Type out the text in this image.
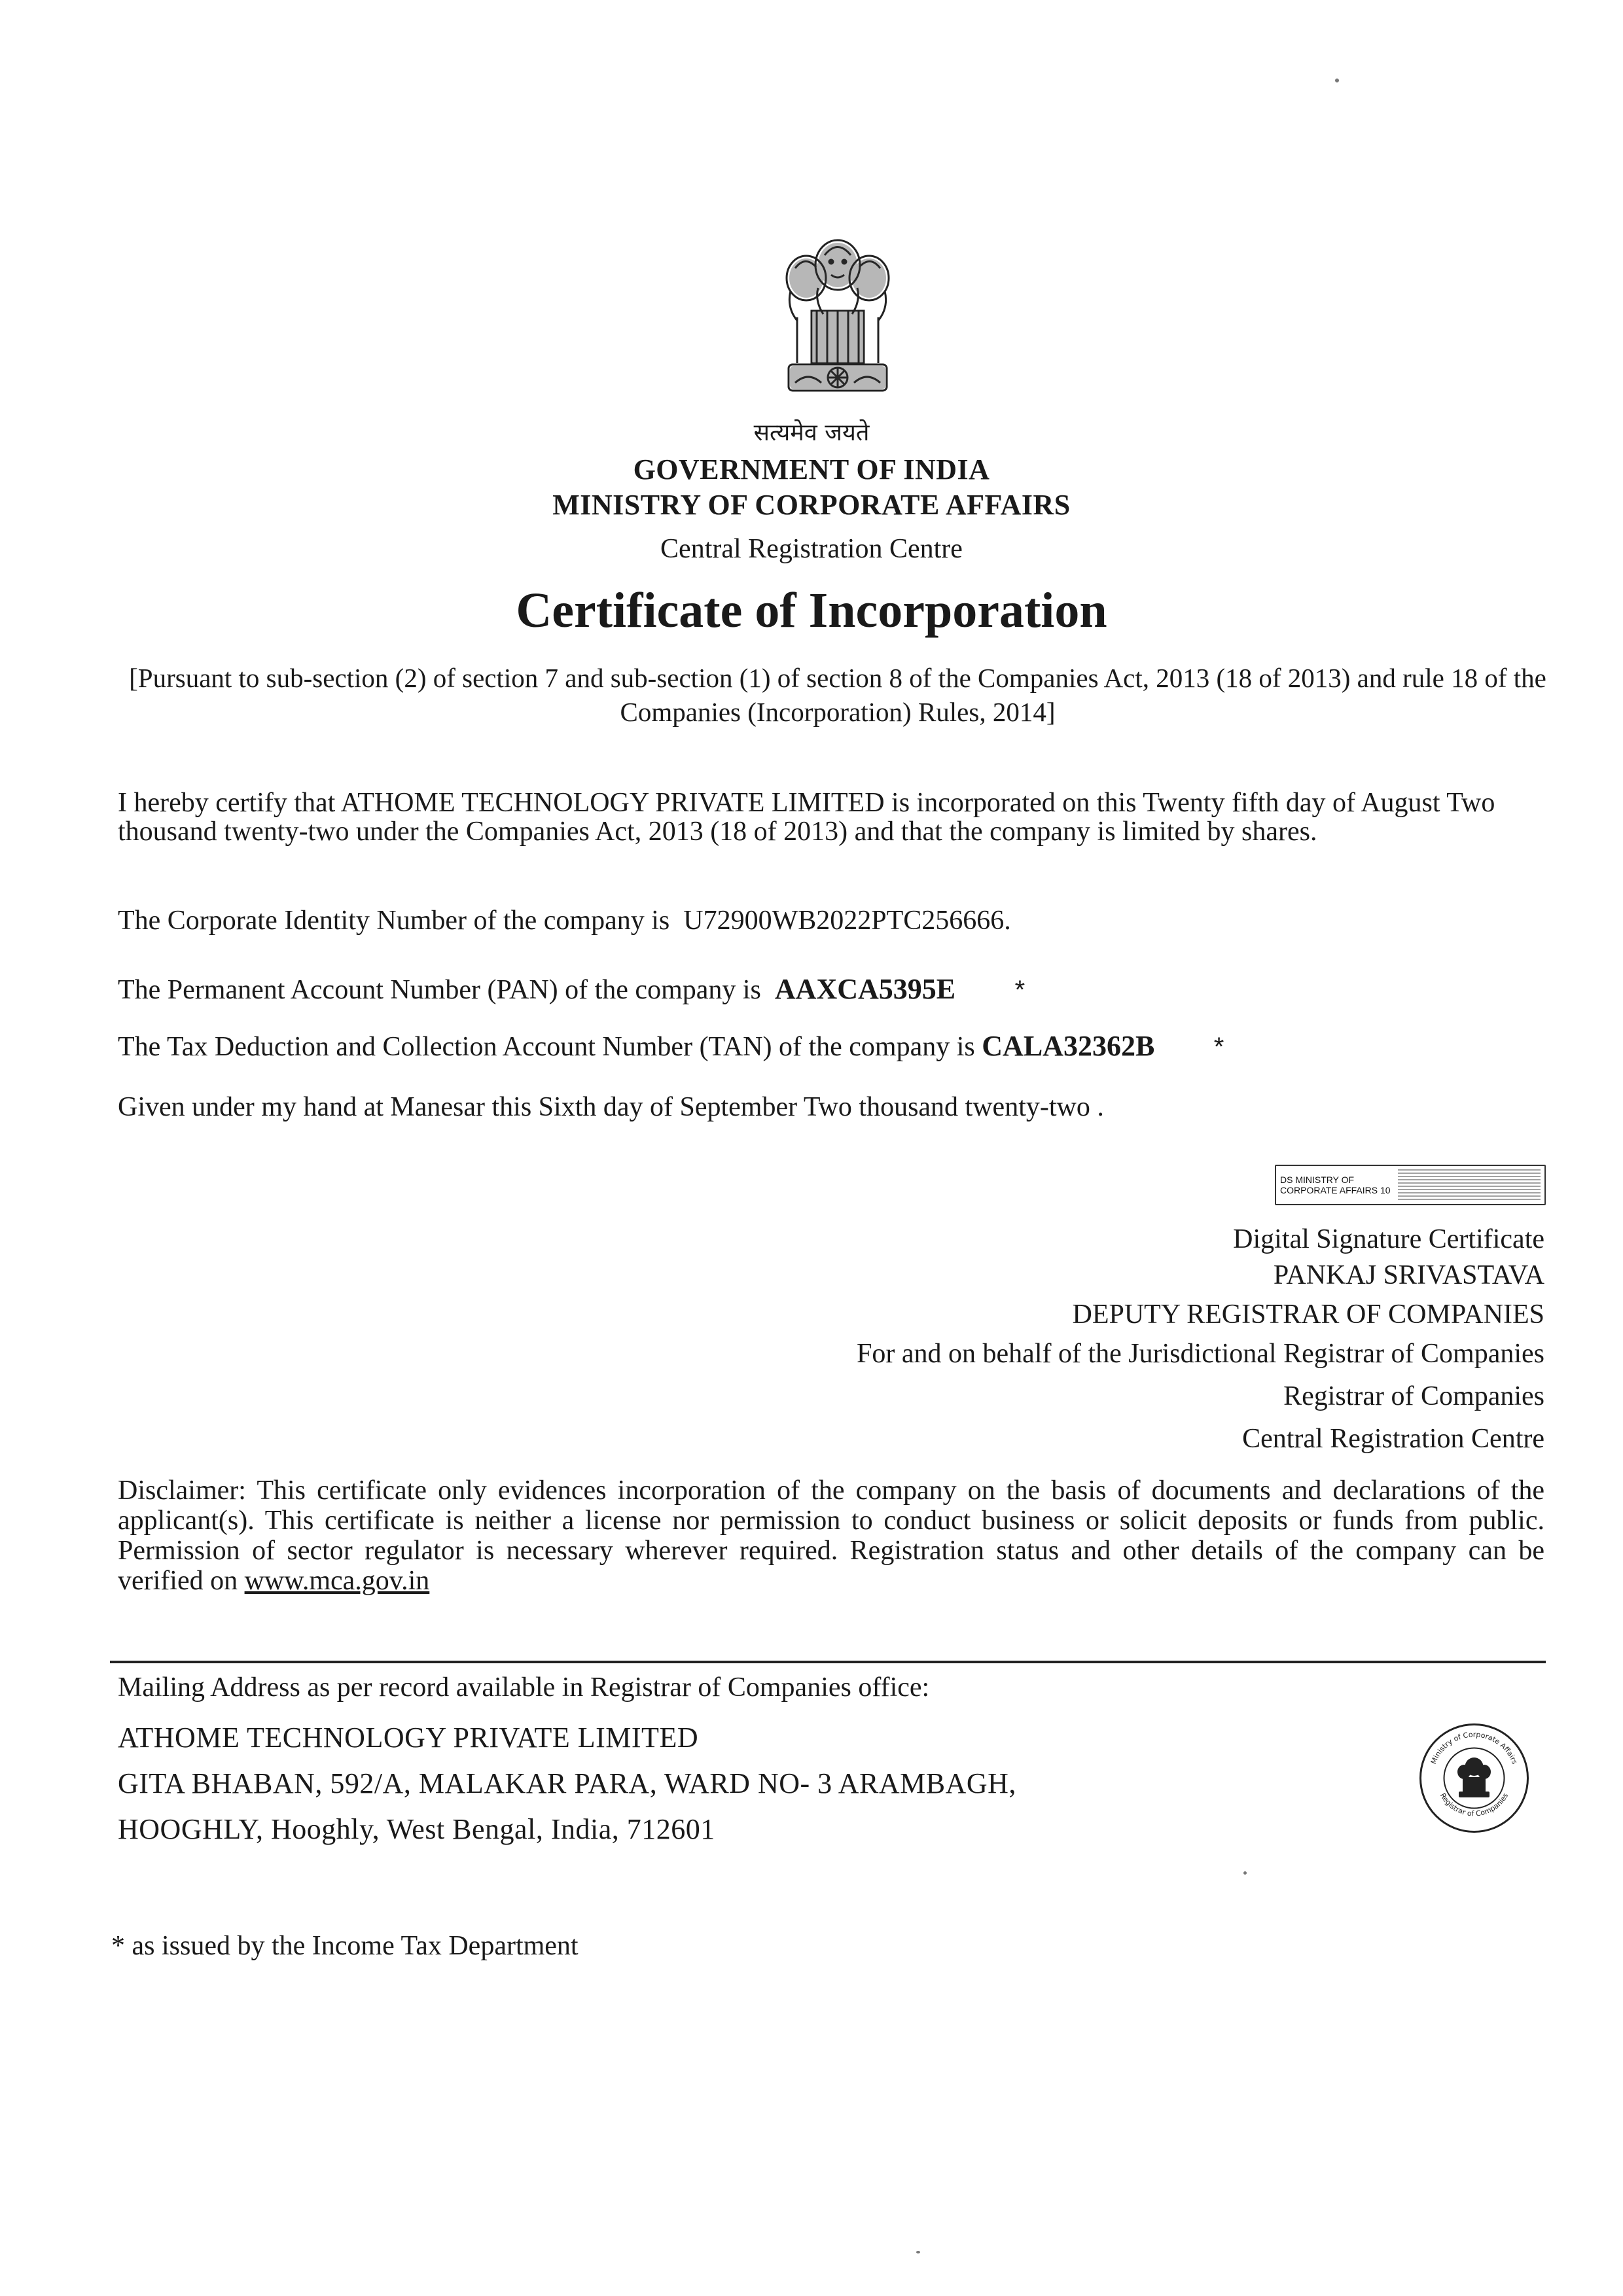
सत्यमेव जयते
GOVERNMENT OF INDIA
MINISTRY OF CORPORATE AFFAIRS
Central Registration Centre
Certificate of Incorporation
[Pursuant to sub-section (2) of section 7 and sub-section (1) of section 8 of the Companies Act, 2013 (18 of 2013) and rule 18 of the Companies (Incorporation) Rules, 2014]
I hereby certify that ATHOME TECHNOLOGY PRIVATE LIMITED is incorporated on this Twenty fifth day of August Two thousand twenty-two under the Companies Act, 2013 (18 of 2013) and that the company is limited by shares.
The Corporate Identity Number of the company is U72900WB2022PTC256666.
The Permanent Account Number (PAN) of the company is AAXCA5395E *
The Tax Deduction and Collection Account Number (TAN) of the company is CALA32362B *
Given under my hand at Manesar this Sixth day of September Two thousand twenty-two .
DS MINISTRY OF
CORPORATE AFFAIRS 10
Digital Signature Certificate
PANKAJ SRIVASTAVA
DEPUTY REGISTRAR OF COMPANIES
For and on behalf of the Jurisdictional Registrar of Companies
Registrar of Companies
Central Registration Centre
Disclaimer: This certificate only evidences incorporation of the company on the basis of documents and declarations of the applicant(s). This certificate is neither a license nor permission to conduct business or solicit deposits or funds from public. Permission of sector regulator is necessary wherever required. Registration status and other details of the company can be verified on www.mca.gov.in
Mailing Address as per record available in Registrar of Companies office:
ATHOME TECHNOLOGY PRIVATE LIMITED
GITA BHABAN, 592/A, MALAKAR PARA, WARD NO- 3 ARAMBAGH,
HOOGHLY, Hooghly, West Bengal, India, 712601
Ministry of Corporate Affairs
Registrar of Companies
* as issued by the Income Tax Department
